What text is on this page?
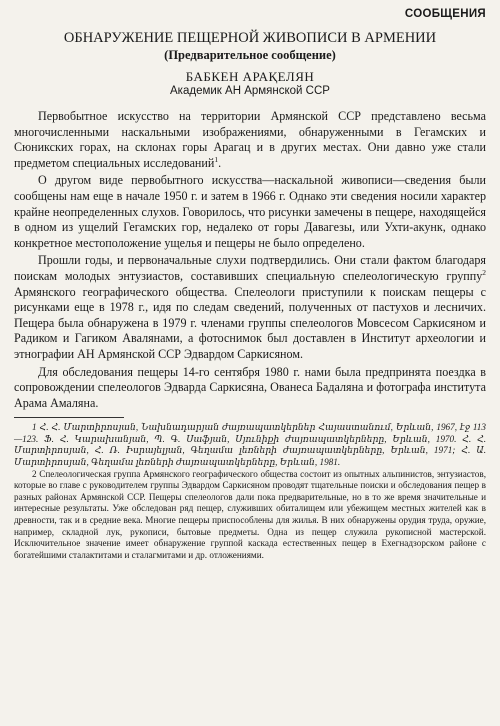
СООБЩЕНИЯ
ОБНАРУЖЕНИЕ ПЕЩЕРНОЙ ЖИВОПИСИ В АРМЕНИИ
(Предварительное сообщение)
БАБКЕН АРАҚЕЛЯН
Академик АН Армянской ССР

Первобытное искусство на территории Армянской ССР представлено весьма многочисленными наскальными изображениями, обнаруженными в Гегамских и Сюникских горах, на склонах горы Арагац и в других местах. Они давно уже стали предметом специальных исследований$^1$.

О другом виде первобытного искусства—наскальной живописи—сведения были сообщены нам еще в начале 1950 г. и затем в 1966 г. Однако эти сведения носили характер крайне неопределенных слухов. Говорилось, что рисунки замечены в пещере, находящейся в одном из ущелий Гегамских гор, недалеко от горы Давагезы, или Ухти-акунк, однако конкретное местоположение ущелья и пещеры не было определено.

Прошли годы, и первоначальные слухи подтвердились. Они стали фактом благодаря поискам молодых энтузиастов, составивших специальную спелеологическую группу$^2$ Армянского географического общества. Спелеологи приступили к поискам пещеры с рисунками еще в 1978 г., идя по следам сведений, полученных от пастухов и лесничих. Пещера была обнаружена в 1979 г. членами группы спелеологов Мовсесом Саркисяном и Радиком и Гагиком Авалянами, а фотоснимок был доставлен в Институт археологии и этнографии АН Армянской ССР Эдвардом Саркисяном.

Для обследования пещеры 14-го сентября 1980 г. нами была предпринята поездка в сопровождении спелеологов Эдварда Саркисяна, Ованеса Бадаляна и фотографа института Арама Амаляна.

1 Հ. Հ. Մարտիրոսյան, Նախնադարյան ժայռապատկերներ Հայաստանում, Երևան, 1967, էջ 113—123. Ֆ. Հ. Կարախանյան, Պ. Գ. Սաֆյան, Սյունիքի ժայռապատկերները, Երևան, 1970. Հ. Հ. Մարտիրոսյան, Հ. Ռ. Իսրայելյան, Գեղամա լեռների ժայռապատկերները, Երևան, 1971; Հ. Ա. Մարտիրոսյան, Գեղամա լեռների ժայռապատկերները, Երևան, 1981.

2 Спелеологическая группа Армянского географического общества состоит из опытных альпинистов, энтузиастов, которые во главе с руководителем группы Эдвардом Саркисяном проводят тщательные поиски и обследования пещер в разных районах Армянской ССР. Пещеры спелеологов дали пока предварительные, но в то же время значительные и интересные результаты. Уже обследован ряд пещер, служивших обиталищем или убежищем местных жителей как в древности, так и в средние века. Многие пещеры приспособлены для жилья. В них обнаружены орудия труда, оружие, например, складной лук, рукописи, бытовые предметы. Одна из пещер служила рукописной мастерской. Исключительное значение имеет обнаружение группой каскада естественных пещер в Ехегнадзорском районе с богатейшими сталактитами и сталагмитами и др. отложениями.
